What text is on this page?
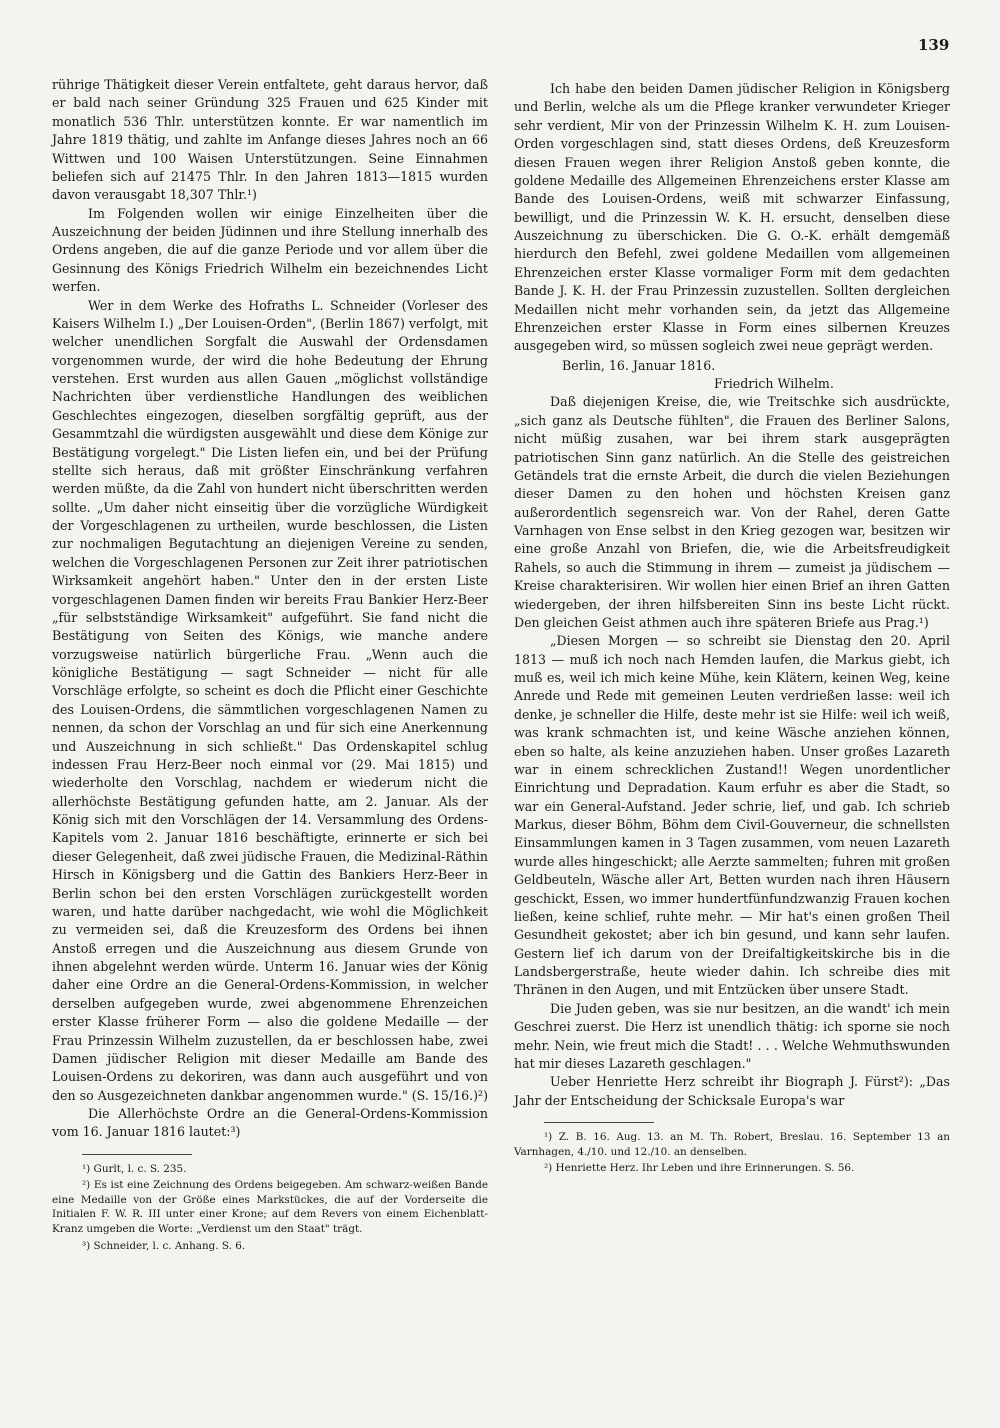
139

rührige Thätigkeit dieser Verein entfaltete, geht daraus hervor, daß er bald nach seiner Gründung 325 Frauen und 625 Kinder mit monatlich 536 Thlr. unterstützen konnte. Er war namentlich im Jahre 1819 thätig, und zahlte im Anfange dieses Jahres noch an 66 Wittwen und 100 Waisen Unterstützungen. Seine Einnahmen beliefen sich auf 21475 Thlr. In den Jahren 1813—1815 wurden davon verausgabt 18,307 Thlr.¹)

Im Folgenden wollen wir einige Einzelheiten über die Auszeichnung der beiden Jüdinnen und ihre Stellung innerhalb des Ordens angeben, die auf die ganze Periode und vor allem über die Gesinnung des Königs Friedrich Wilhelm ein bezeichnendes Licht werfen.

Wer in dem Werke des Hofraths L. Schneider (Vorleser des Kaisers Wilhelm I.) „Der Louisen-Orden", (Berlin 1867) verfolgt, mit welcher unendlichen Sorgfalt die Auswahl der Ordensdamen vorgenommen wurde, der wird die hohe Bedeutung der Ehrung verstehen. Erst wurden aus allen Gauen „möglichst vollständige Nachrichten über verdienstliche Handlungen des weiblichen Geschlechtes eingezogen, dieselben sorgfältig geprüft, aus der Gesammtzahl die würdigsten ausgewählt und diese dem Könige zur Bestätigung vorgelegt." Die Listen liefen ein, und bei der Prüfung stellte sich heraus, daß mit größter Einschränkung verfahren werden müßte, da die Zahl von hundert nicht überschritten werden sollte. „Um daher nicht einseitig über die vorzügliche Würdigkeit der Vorgeschlagenen zu urtheilen, wurde beschlossen, die Listen zur nochmaligen Begutachtung an diejenigen Vereine zu senden, welchen die Vorgeschlagenen Personen zur Zeit ihrer patriotischen Wirksamkeit angehört haben." Unter den in der ersten Liste vorgeschlagenen Damen finden wir bereits Frau Bankier Herz-Beer „für selbstständige Wirksamkeit" aufgeführt. Sie fand nicht die Bestätigung von Seiten des Königs, wie manche andere vorzugsweise natürlich bürgerliche Frau. „Wenn auch die königliche Bestätigung — sagt Schneider — nicht für alle Vorschläge erfolgte, so scheint es doch die Pflicht einer Geschichte des Louisen-Ordens, die sämmtlichen vorgeschlagenen Namen zu nennen, da schon der Vorschlag an und für sich eine Anerkennung und Auszeichnung in sich schließt." Das Ordenskapitel schlug indessen Frau Herz-Beer noch einmal vor (29. Mai 1815) und wiederholte den Vorschlag, nachdem er wiederum nicht die allerhöchste Bestätigung gefunden hatte, am 2. Januar. Als der König sich mit den Vorschlägen der 14. Versammlung des Ordens-Kapitels vom 2. Januar 1816 beschäftigte, erinnerte er sich bei dieser Gelegenheit, daß zwei jüdische Frauen, die Medizinal-Räthin Hirsch in Königsberg und die Gattin des Bankiers Herz-Beer in Berlin schon bei den ersten Vorschlägen zurückgestellt worden waren, und hatte darüber nachgedacht, wie wohl die Möglichkeit zu vermeiden sei, daß die Kreuzesform des Ordens bei ihnen Anstoß erregen und die Auszeichnung aus diesem Grunde von ihnen abgelehnt werden würde. Unterm 16. Januar wies der König daher eine Ordre an die General-Ordens-Kommission, in welcher derselben aufgegeben wurde, zwei abgenommene Ehrenzeichen erster Klasse früherer Form — also die goldene Medaille — der Frau Prinzessin Wilhelm zuzustellen, da er beschlossen habe, zwei Damen jüdischer Religion mit dieser Medaille am Bande des Louisen-Ordens zu dekoriren, was dann auch ausgeführt und von den so Ausgezeichneten dankbar angenommen wurde." (S. 15/16.)²)

Die Allerhöchste Ordre an die General-Ordens-Kommission vom 16. Januar 1816 lautet:³)

¹) Gurlt, l. c. S. 235.

²) Es ist eine Zeichnung des Ordens beigegeben. Am schwarz-weißen Bande eine Medaille von der Größe eines Markstückes, die auf der Vorderseite die Initialen F. W. R. III unter einer Krone; auf dem Revers von einem Eichenblatt-Kranz umgeben die Worte: „Verdienst um den Staat" trägt.

³) Schneider, l. c. Anhang. S. 6.

Ich habe den beiden Damen jüdischer Religion in Königsberg und Berlin, welche als um die Pflege kranker verwundeter Krieger sehr verdient, Mir von der Prinzessin Wilhelm K. H. zum Louisen-Orden vorgeschlagen sind, statt dieses Ordens, deß Kreuzesform diesen Frauen wegen ihrer Religion Anstoß geben konnte, die goldene Medaille des Allgemeinen Ehrenzeichens erster Klasse am Bande des Louisen-Ordens, weiß mit schwarzer Einfassung, bewilligt, und die Prinzessin W. K. H. ersucht, denselben diese Auszeichnung zu überschicken. Die G. O.-K. erhält demgemäß hierdurch den Befehl, zwei goldene Medaillen vom allgemeinen Ehrenzeichen erster Klasse vormaliger Form mit dem gedachten Bande J. K. H. der Frau Prinzessin zuzustellen. Sollten dergleichen Medaillen nicht mehr vorhanden sein, da jetzt das Allgemeine Ehrenzeichen erster Klasse in Form eines silbernen Kreuzes ausgegeben wird, so müssen sogleich zwei neue geprägt werden.

Berlin, 16. Januar 1816.

Friedrich Wilhelm.

Daß diejenigen Kreise, die, wie Treitschke sich ausdrückte, „sich ganz als Deutsche fühlten", die Frauen des Berliner Salons, nicht müßig zusahen, war bei ihrem stark ausgeprägten patriotischen Sinn ganz natürlich. An die Stelle des geistreichen Getändels trat die ernste Arbeit, die durch die vielen Beziehungen dieser Damen zu den hohen und höchsten Kreisen ganz außerordentlich segensreich war. Von der Rahel, deren Gatte Varnhagen von Ense selbst in den Krieg gezogen war, besitzen wir eine große Anzahl von Briefen, die, wie die Arbeitsfreudigkeit Rahels, so auch die Stimmung in ihrem — zumeist ja jüdischem — Kreise charakterisiren. Wir wollen hier einen Brief an ihren Gatten wiedergeben, der ihren hilfsbereiten Sinn ins beste Licht rückt. Den gleichen Geist athmen auch ihre späteren Briefe aus Prag.¹)

„Diesen Morgen — so schreibt sie Dienstag den 20. April 1813 — muß ich noch nach Hemden laufen, die Markus giebt, ich muß es, weil ich mich keine Mühe, kein Klätern, keinen Weg, keine Anrede und Rede mit gemeinen Leuten verdrießen lasse: weil ich denke, je schneller die Hilfe, deste mehr ist sie Hilfe: weil ich weiß, was krank schmachten ist, und keine Wäsche anziehen können, eben so halte, als keine anzuziehen haben. Unser großes Lazareth war in einem schrecklichen Zustand!! Wegen unordentlicher Einrichtung und Depradation. Kaum erfuhr es aber die Stadt, so war ein General-Aufstand. Jeder schrie, lief, und gab. Ich schrieb Markus, dieser Böhm, Böhm dem Civil-Gouverneur, die schnellsten Einsammlungen kamen in 3 Tagen zusammen, vom neuen Lazareth wurde alles hingeschickt; alle Aerzte sammelten; fuhren mit großen Geldbeuteln, Wäsche aller Art, Betten wurden nach ihren Häusern geschickt, Essen, wo immer hundertfünfundzwanzig Frauen kochen ließen, keine schlief, ruhte mehr. — Mir hat's einen großen Theil Gesundheit gekostet; aber ich bin gesund, und kann sehr laufen. Gestern lief ich darum von der Dreifaltigkeitskirche bis in die Landsbergerstraße, heute wieder dahin. Ich schreibe dies mit Thränen in den Augen, und mit Entzücken über unsere Stadt.

Die Juden geben, was sie nur besitzen, an die wandt' ich mein Geschrei zuerst. Die Herz ist unendlich thätig: ich sporne sie noch mehr. Nein, wie freut mich die Stadt! . . . Welche Wehmuthswunden hat mir dieses Lazareth geschlagen."

Ueber Henriette Herz schreibt ihr Biograph J. Fürst²): „Das Jahr der Entscheidung der Schicksale Europa's war

¹) Z. B. 16. Aug. 13. an M. Th. Robert, Breslau. 16. September 13 an Varnhagen, 4./10. und 12./10. an denselben.

²) Henriette Herz. Ihr Leben und ihre Erinnerungen. S. 56.
